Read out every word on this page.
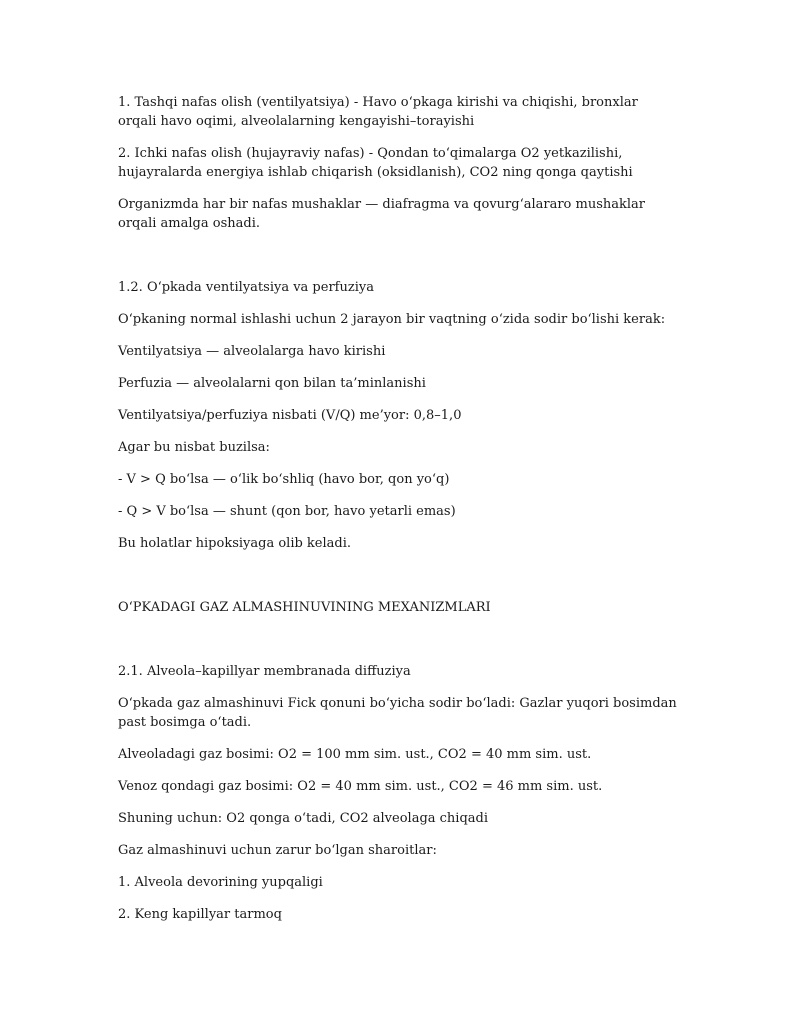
1. Tashqi nafas olish (ventilyatsiya) - Havo o‘pkaga kirishi va chiqishi, bronxlar orqali havo oqimi, alveolalarning kengayishi–torayishi

2. Ichki nafas olish (hujayraviy nafas) - Qondan to‘qimalarga O2 yetkazilishi, hujayralarda energiya ishlab chiqarish (oksidlanish), CO2 ning qonga qaytishi

Organizmda har bir nafas mushaklar — diafragma va qovurg‘alararo mushaklar orqali amalga oshadi.

1.2. O‘pkada ventilyatsiya va perfuziya

O‘pkaning normal ishlashi uchun 2 jarayon bir vaqtning o‘zida sodir bo‘lishi kerak:

Ventilyatsiya — alveolalarga havo kirishi

Perfuzia — alveolalarni qon bilan ta’minlanishi

Ventilyatsiya/perfuziya nisbati (V/Q) me’yor: 0,8–1,0

Agar bu nisbat buzilsa:

- V > Q bo‘lsa — o‘lik bo‘shliq (havo bor, qon yo‘q)

- Q > V bo‘lsa — shunt (qon bor, havo yetarli emas)

Bu holatlar hipoksiyaga olib keladi.

O‘PKADAGI GAZ ALMASHINUVINING MEXANIZMLARI

2.1. Alveola–kapillyar membranada diffuziya

O‘pkada gaz almashinuvi Fick qonuni bo‘yicha sodir bo‘ladi: Gazlar yuqori bosimdan past bosimga o‘tadi.

Alveoladagi gaz bosimi: O2 = 100 mm sim. ust., CO2 = 40 mm sim. ust.

Venoz qondagi gaz bosimi: O2 = 40 mm sim. ust., CO2 = 46 mm sim. ust.

Shuning uchun: O2 qonga o‘tadi, CO2 alveolaga chiqadi

Gaz almashinuvi uchun zarur bo‘lgan sharoitlar:

1. Alveola devorining yupqaligi

2. Keng kapillyar tarmoq
